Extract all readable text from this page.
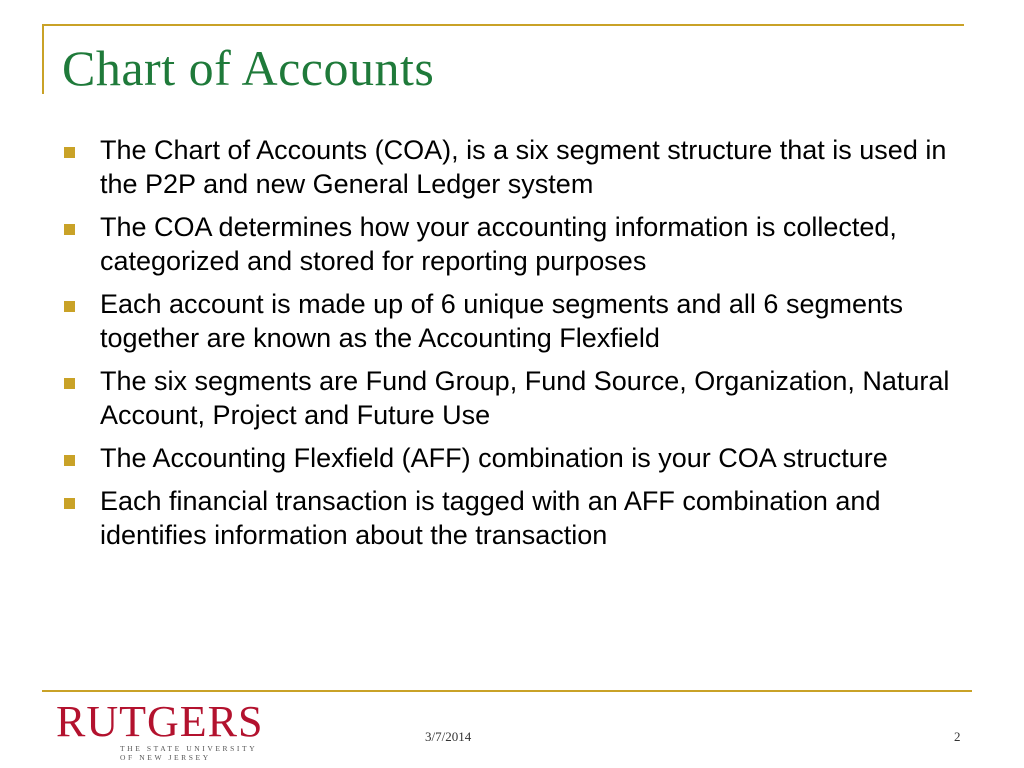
Chart of Accounts
The Chart of Accounts (COA), is a six segment structure that is used in the P2P and new General Ledger system
The COA determines how your accounting information is collected, categorized and stored for reporting purposes
Each account is made up of 6 unique segments and all 6 segments together are known as the Accounting Flexfield
The six segments are Fund Group, Fund Source, Organization, Natural Account, Project and Future Use
The Accounting Flexfield (AFF) combination is your COA structure
Each financial transaction is tagged with an AFF combination and identifies information about the transaction
RUTGERS
THE STATE UNIVERSITY
OF NEW JERSEY
3/7/2014	2
